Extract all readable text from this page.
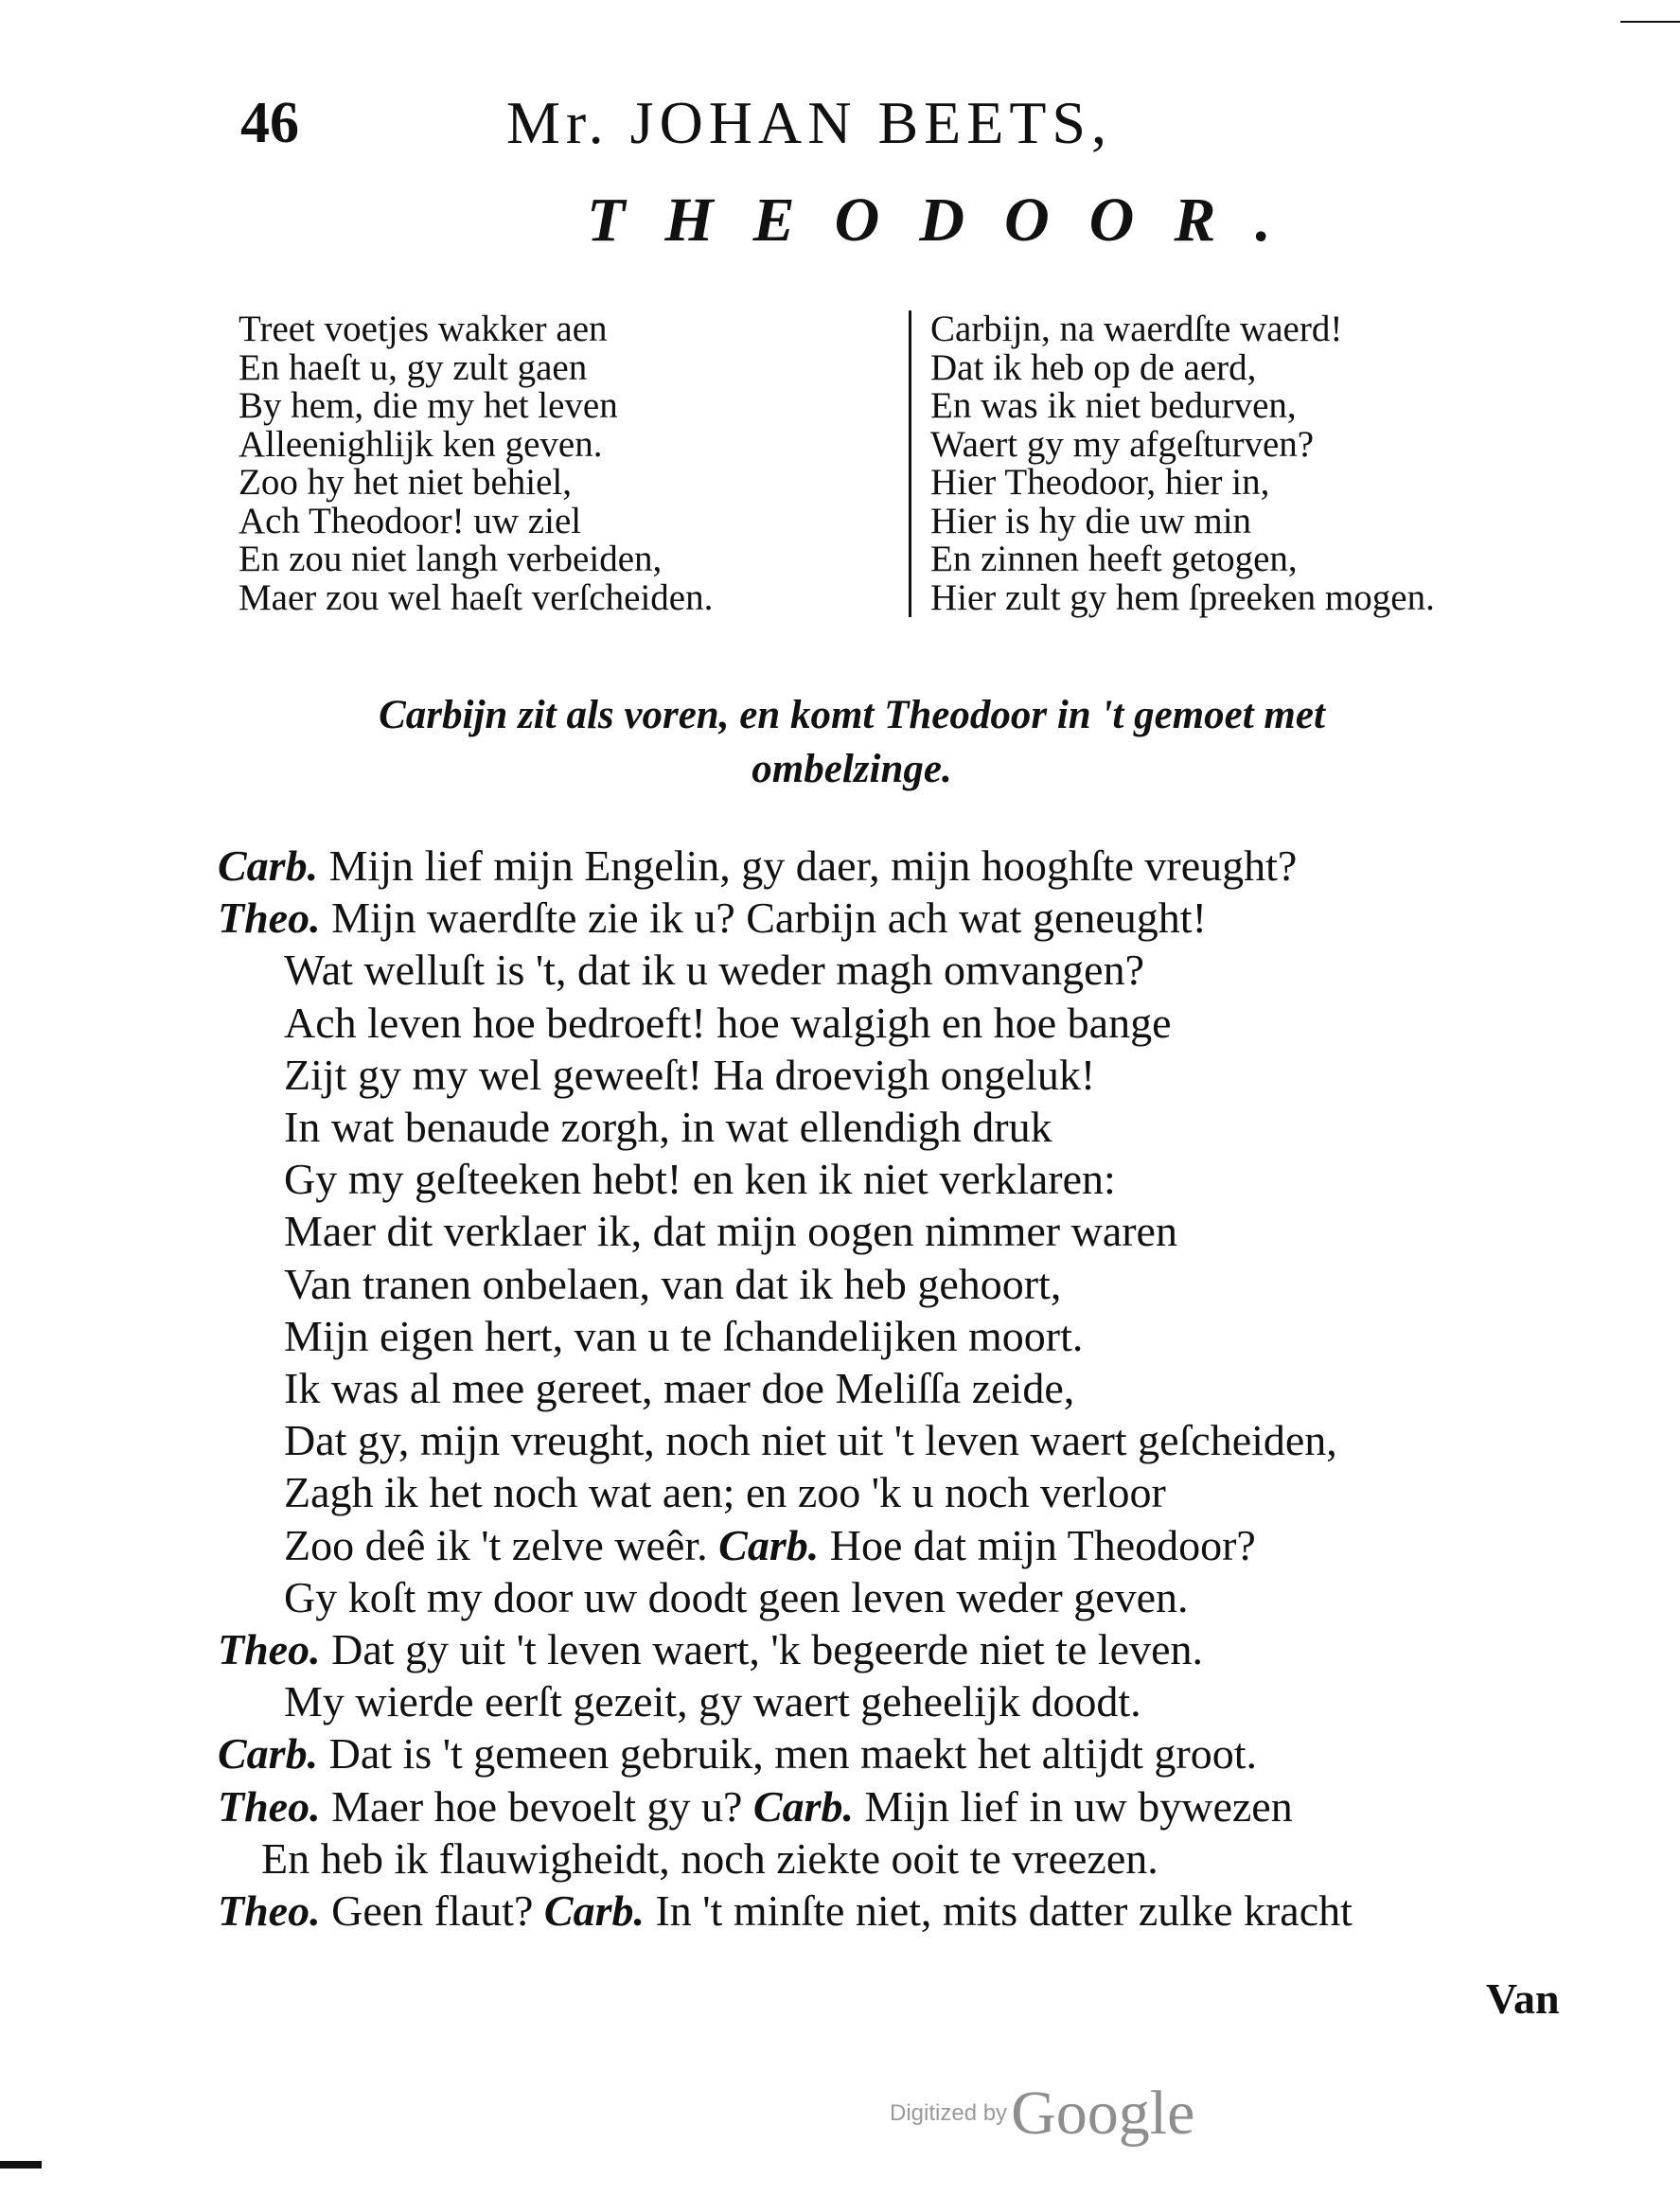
46	Mr. JOHAN BEETS,
THEODOOR.
Treet voetjes wakker aen
En haeſt u, gy zult gaen
By hem, die my het leven
Alleenighlijk ken geven.
Zoo hy het niet behiel,
Ach Theodoor! uw ziel
En zou niet langh verbeiden,
Maer zou wel haeſt verſcheiden.
Carbijn, na waerdſte waerd!
Dat ik heb op de aerd,
En was ik niet bedurven,
Waert gy my afgeſturven?
Hier Theodoor, hier in,
Hier is hy die uw min
En zinnen heeft getogen,
Hier zult gy hem ſpreeken mogen.
Carbijn zit als voren, en komt Theodoor in 't gemoet met
ombelzinge.
Carb. Mijn lief mijn Engelin, gy daer, mijn hooghſte vreught?
Theo. Mijn waerdſte zie ik u? Carbijn ach wat geneught!
Wat welluſt is 't, dat ik u weder magh omvangen?
Ach leven hoe bedroeft! hoe walgigh en hoe bange
Zijt gy my wel geweeſt! Ha droevigh ongeluk!
In wat benaude zorgh, in wat ellendigh druk
Gy my geſteeken hebt! en ken ik niet verklaren:
Maer dit verklaer ik, dat mijn oogen nimmer waren
Van tranen onbelaen, van dat ik heb gehoort,
Mijn eigen hert, van u te ſchandelijken moort.
Ik was al mee gereet, maer doe Meliſſa zeide,
Dat gy, mijn vreught, noch niet uit 't leven waert geſcheiden,
Zagh ik het noch wat aen; en zoo 'k u noch verloor
Zoo deê ik 't zelve weêr. Carb. Hoe dat mijn Theodoor?
Gy koſt my door uw doodt geen leven weder geven.
Theo. Dat gy uit 't leven waert, 'k begeerde niet te leven.
My wierde eerſt gezeit, gy waert geheelijk doodt.
Carb. Dat is 't gemeen gebruik, men maekt het altijdt groot.
Theo. Maer hoe bevoelt gy u? Carb. Mijn lief in uw bywezen
En heb ik flauwigheidt, noch ziekte ooit te vreezen.
Theo. Geen flaut? Carb. In 't minſte niet, mits datter zulke kracht
Van
Digitized by Google
